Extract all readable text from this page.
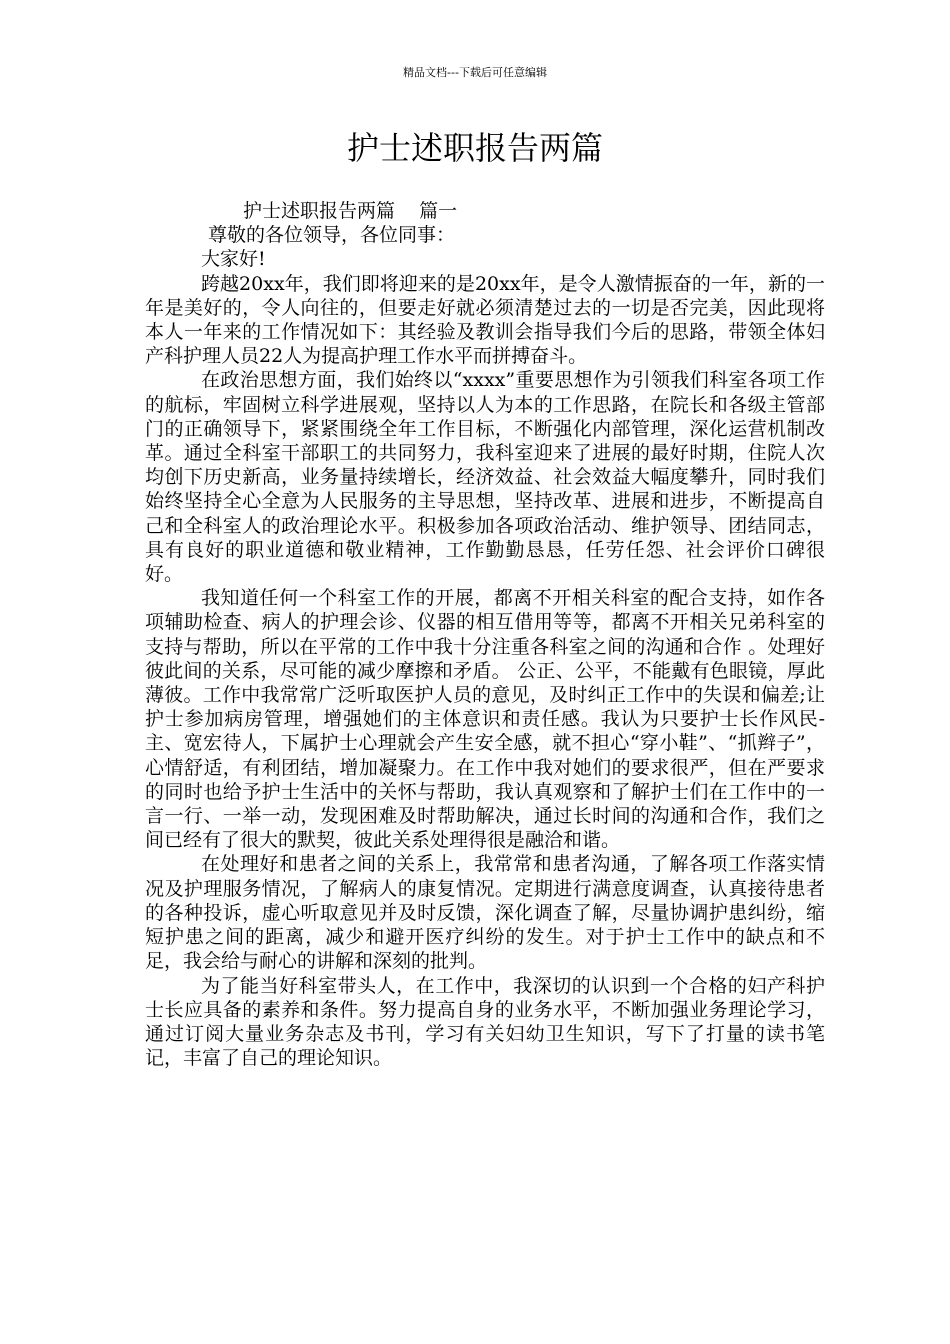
精品文档---下载后可任意编辑
护士述职报告两篇

护士述职报告两篇    篇一

尊敬的各位领导，各位同事：

大家好!

跨越20xx年，我们即将迎来的是20xx年，是令人激情振奋的一年，新的一年是美好的，令人向往的，但要走好就必须清楚过去的一切是否完美，因此现将本人一年来的工作情况如下：其经验及教训会指导我们今后的思路，带领全体妇产科护理人员22人为提高护理工作水平而拼搏奋斗。

在政治思想方面，我们始终以“xxxx”重要思想作为引领我们科室各项工作的航标，牢固树立科学进展观，坚持以人为本的工作思路，在院长和各级主管部门的正确领导下，紧紧围绕全年工作目标，不断强化内部管理，深化运营机制改革。通过全科室干部职工的共同努力，我科室迎来了进展的最好时期，住院人次均创下历史新高，业务量持续增长，经济效益、社会效益大幅度攀升，同时我们始终坚持全心全意为人民服务的主导思想，坚持改革、进展和进步，不断提高自己和全科室人的政治理论水平。积极参加各项政治活动、维护领导、团结同志，具有良好的职业道德和敬业精神，工作勤勤恳恳，任劳任怨、社会评价口碑很好。

我知道任何一个科室工作的开展，都离不开相关科室的配合支持，如作各项辅助检查、病人的护理会诊、仪器的相互借用等等，都离不开相关兄弟科室的支持与帮助，所以在平常的工作中我十分注重各科室之间的沟通和合作 。处理好彼此间的关系，尽可能的减少摩擦和矛盾。 公正、公平，不能戴有色眼镜，厚此薄彼。工作中我常常广泛听取医护人员的意见，及时纠正工作中的失误和偏差;让护士参加病房管理，增强她们的主体意识和责任感。我认为只要护士长作风民-主、宽宏待人，下属护士心理就会产生安全感，就不担心“穿小鞋”、“抓辫子”，心情舒适，有利团结，增加凝聚力。在工作中我对她们的要求很严，但在严要求的同时也给予护士生活中的关怀与帮助，我认真观察和了解护士们在工作中的一言一行、一举一动，发现困难及时帮助解决，通过长时间的沟通和合作，我们之间已经有了很大的默契，彼此关系处理得很是融洽和谐。

在处理好和患者之间的关系上，我常常和患者沟通，了解各项工作落实情况及护理服务情况，了解病人的康复情况。定期进行满意度调查，认真接待患者的各种投诉，虚心听取意见并及时反馈，深化调查了解，尽量协调护患纠纷，缩短护患之间的距离，减少和避开医疗纠纷的发生。对于护士工作中的缺点和不足，我会给与耐心的讲解和深刻的批判。

为了能当好科室带头人，在工作中，我深切的认识到一个合格的妇产科护士长应具备的素养和条件。努力提高自身的业务水平，不断加强业务理论学习，通过订阅大量业务杂志及书刊，学习有关妇幼卫生知识，写下了打量的读书笔记，丰富了自己的理论知识。
